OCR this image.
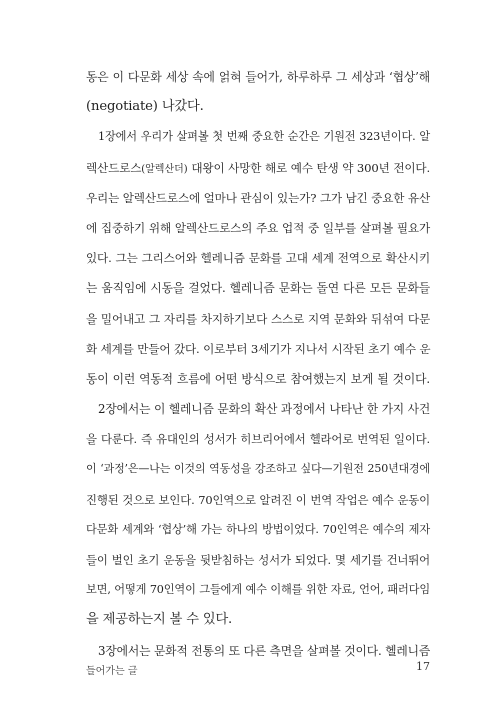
동은 이 다문화 세상 속에 얽혀 들어가, 하루하루 그 세상과 ‘협상’해
(negotiate) 나갔다.
1장에서 우리가 살펴볼 첫 번째 중요한 순간은 기원전 323년이다. 알
렉산드로스(알렉산더) 대왕이 사망한 해로 예수 탄생 약 300년 전이다.
우리는 알렉산드로스에 얼마나 관심이 있는가? 그가 남긴 중요한 유산
에 집중하기 위해 알렉산드로스의 주요 업적 중 일부를 살펴볼 필요가
있다. 그는 그리스어와 헬레니즘 문화를 고대 세계 전역으로 확산시키
는 움직임에 시동을 걸었다. 헬레니즘 문화는 돌연 다른 모든 문화들
을 밀어내고 그 자리를 차지하기보다 스스로 지역 문화와 뒤섞여 다문
화 세계를 만들어 갔다. 이로부터 3세기가 지나서 시작된 초기 예수 운
동이 이런 역동적 흐름에 어떤 방식으로 참여했는지 보게 될 것이다.
2장에서는 이 헬레니즘 문화의 확산 과정에서 나타난 한 가지 사건
을 다룬다. 즉 유대인의 성서가 히브리어에서 헬라어로 번역된 일이다.
이 ‘과정’은—나는 이것의 역동성을 강조하고 싶다—기원전 250년대경에
진행된 것으로 보인다. 70인역으로 알려진 이 번역 작업은 예수 운동이
다문화 세계와 ‘협상’해 가는 하나의 방법이었다. 70인역은 예수의 제자
들이 벌인 초기 운동을 뒷받침하는 성서가 되었다. 몇 세기를 건너뛰어
보면, 어떻게 70인역이 그들에게 예수 이해를 위한 자료, 언어, 패러다임
을 제공하는지 볼 수 있다.
3장에서는 문화적 전통의 또 다른 측면을 살펴볼 것이다. 헬레니즘
들어가는 글	17
